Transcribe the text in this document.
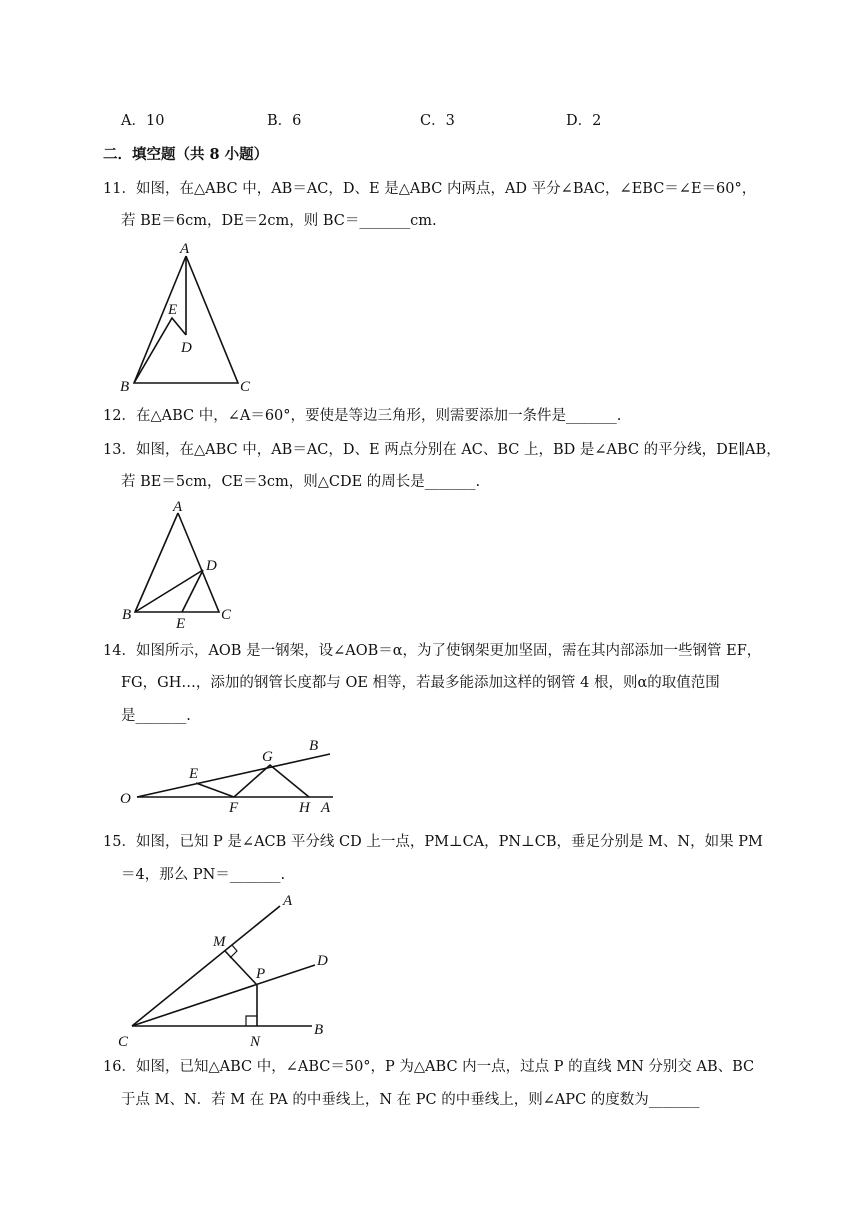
A．10	B．6	C．3	D．2
二．填空题（共 8 小题）
11．如图，在△ABC 中，AB＝AC，D、E 是△ABC 内两点，AD 平分∠BAC，∠EBC＝∠E＝60°，
若 BE＝6cm，DE＝2cm，则 BC＝_______cm.
A
E
D
B	C
12．在△ABC 中，∠A＝60°，要使是等边三角形，则需要添加一条件是_______.
13．如图，在△ABC 中，AB＝AC，D、E 两点分别在 AC、BC 上，BD 是∠ABC 的平分线，DE∥AB，
若 BE＝5cm，CE＝3cm，则△CDE 的周长是_______.
A
D
B
E
C
14．如图所示，AOB 是一钢架，设∠AOB＝α，为了使钢架更加坚固，需在其内部添加一些钢管 EF，
FG，GH…，添加的钢管长度都与 OE 相等，若最多能添加这样的钢管 4 根，则α的取值范围
是_______.
B
G
E
O
F	H A
15．如图，已知 P 是∠ACB 平分线 CD 上一点，PM⊥CA，PN⊥CB，垂足分别是 M、N，如果 PM
＝4，那么 PN＝_______.
A
M
P
D
C	N
B
16．如图，已知△ABC 中，∠ABC＝50°，P 为△ABC 内一点，过点 P 的直线 MN 分别交 AB、BC
于点 M、N．若 M 在 PA 的中垂线上，N 在 PC 的中垂线上，则∠APC 的度数为_______
